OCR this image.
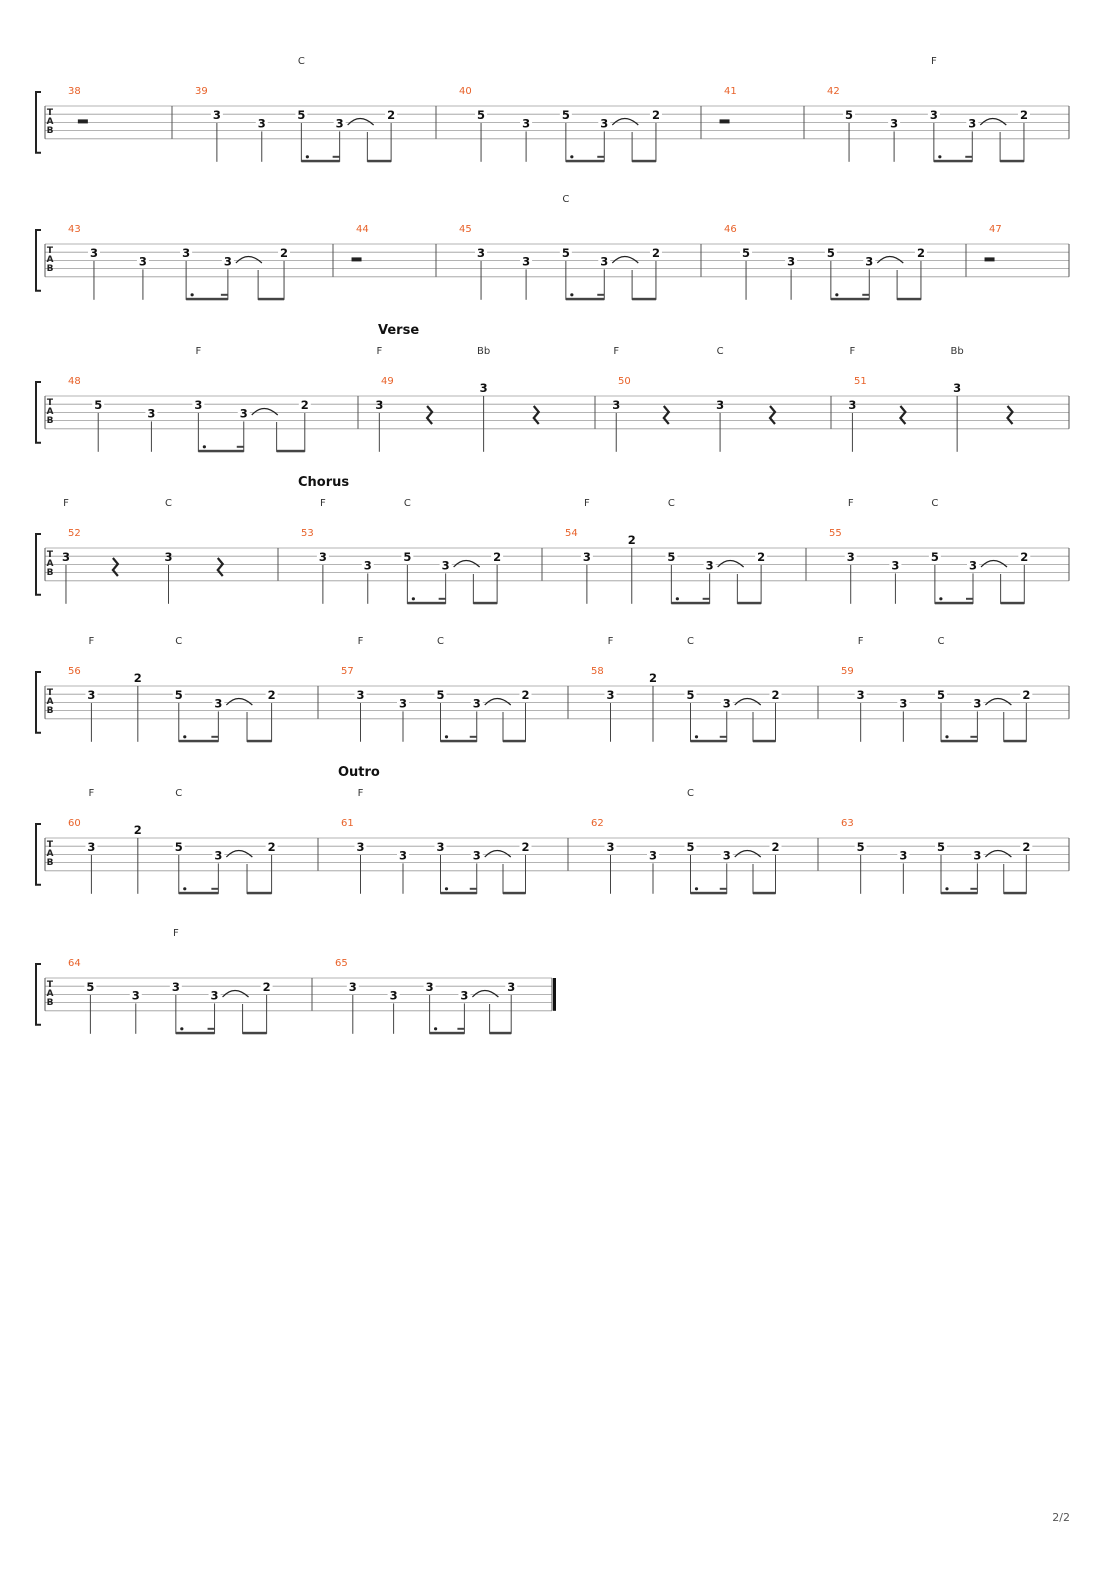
T
A
B
38	39
C
3
3
5
3
2
40
5
3
5
3
2
41	42
F
5
3
3
3
2
T
A
B
43
3
3
3
3
2
44	45
C
3
3
5
3
2
46
5
3
5
3
2
47
T
A
B
48
F
5
3
3
3
2
49
F	Bb
3
3	50
F	C
3	3
51
F	Bb
3
3
Verse
T
A
B
52
F	C
3	3
53
F	C
3
3
5
3
2
54
F	C
3
2
5
3
2
55
F	C
3
3
5
3
2
Chorus
T
A
B
56
F	C
3
2
5
3
2
57
F	C
3
3
5
3
2
58
F	C
3
2
5
3
2
59
F	C
3
3
5
3
2
T
A
B
60
F	C
3
2
5
3
2
61
F
3
3
3
3
2
62
C
3
3
5
3
2
63
5
3
5
3
2
Outro
T
A
B
64
F
5
3
3
3
2
65
3
3
3
3
3
2/2
